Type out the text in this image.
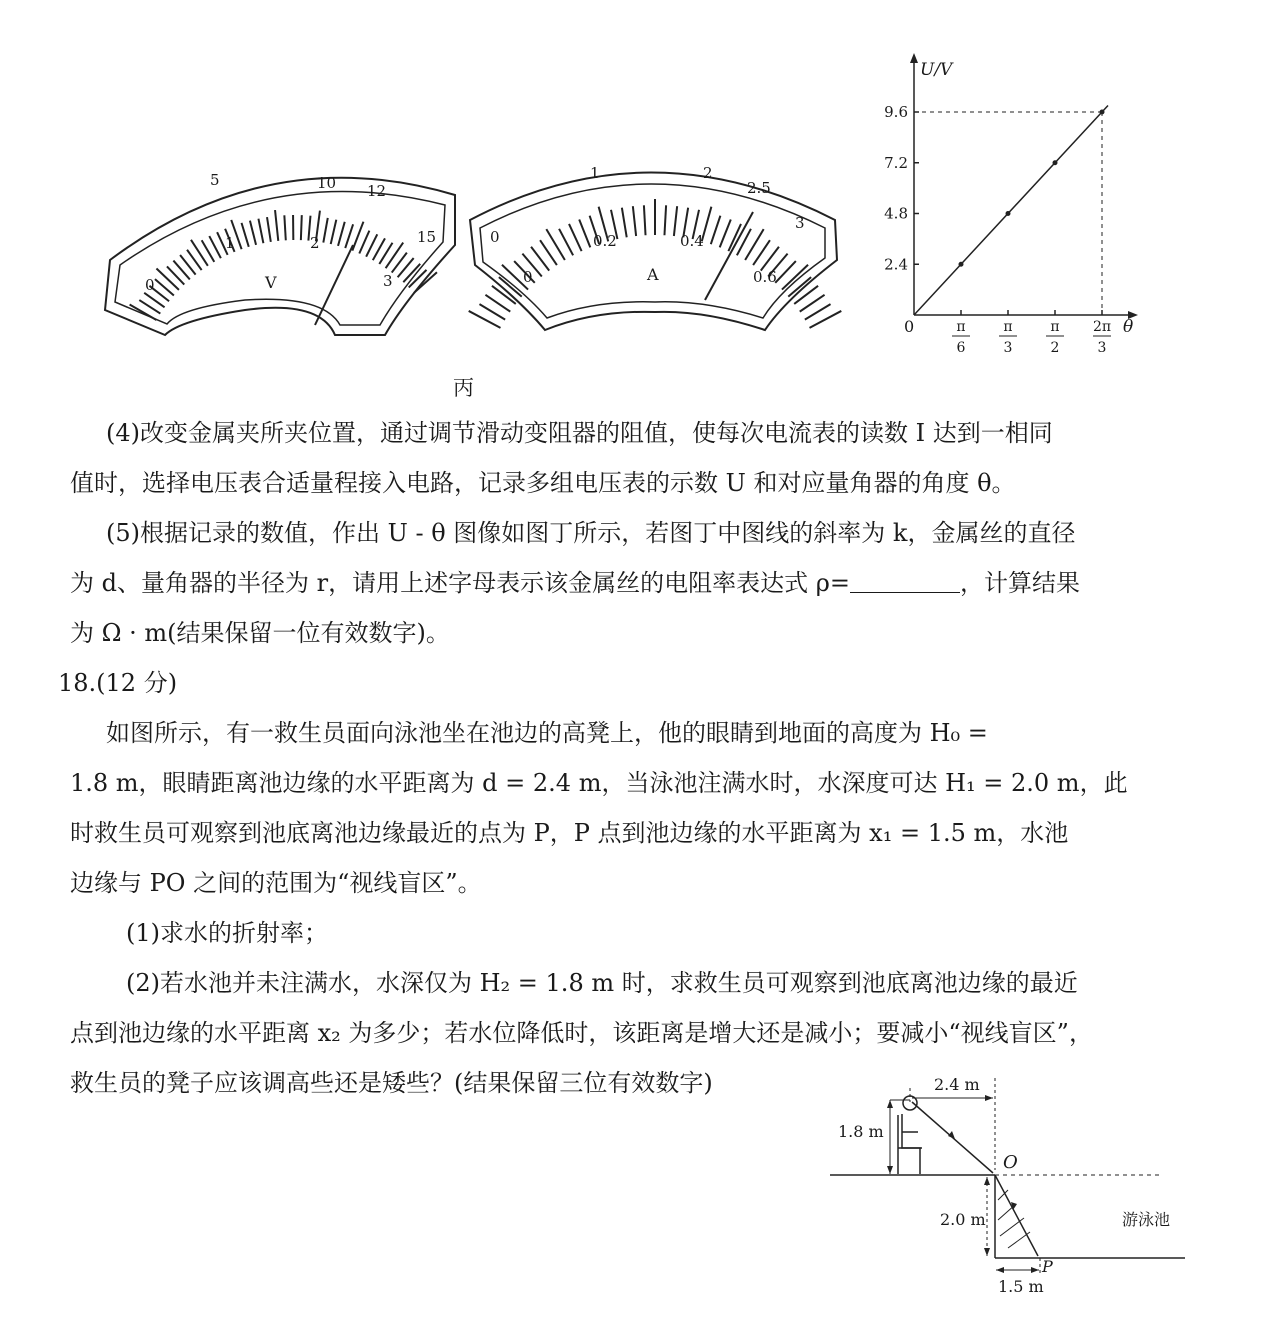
5	10 12
15
0
1	2
3
V
0
1	2
2.5
3
0
0.2	0.4
0.6
A
U/V
θ
0
2.4
4.8
7.2
9.6
π
6
π
3
π
2
2π
3
丙

(4)改变金属夹所夹位置，通过调节滑动变阻器的阻值，使每次电流表的读数 I 达到一相同

值时，选择电压表合适量程接入电路，记录多组电压表的示数 U 和对应量角器的角度 θ。

(5)根据记录的数值，作出 U - θ 图像如图丁所示，若图丁中图线的斜率为 k，金属丝的直径

为 d、量角器的半径为 r，请用上述字母表示该金属丝的电阻率表达式 ρ=	，计算结果

为 Ω · m(结果保留一位有效数字)。

18.(12 分)

如图所示，有一救生员面向泳池坐在池边的高凳上，他的眼睛到地面的高度为 H₀ =

1.8 m，眼睛距离池边缘的水平距离为 d = 2.4 m，当泳池注满水时，水深度可达 H₁ = 2.0 m，此

时救生员可观察到池底离池边缘最近的点为 P，P 点到池边缘的水平距离为 x₁ = 1.5 m，水池

边缘与 PO 之间的范围为“视线盲区”。

(1)求水的折射率；

(2)若水池并未注满水，水深仅为 H₂ = 1.8 m 时，求救生员可观察到池底离池边缘的最近

点到池边缘的水平距离 x₂ 为多少；若水位降低时，该距离是增大还是减小；要减小“视线盲区”，

救生员的凳子应该调高些还是矮些？(结果保留三位有效数字)	2.4 m
1.8 m
2.0 m
1.5 m
O
P
游泳池
